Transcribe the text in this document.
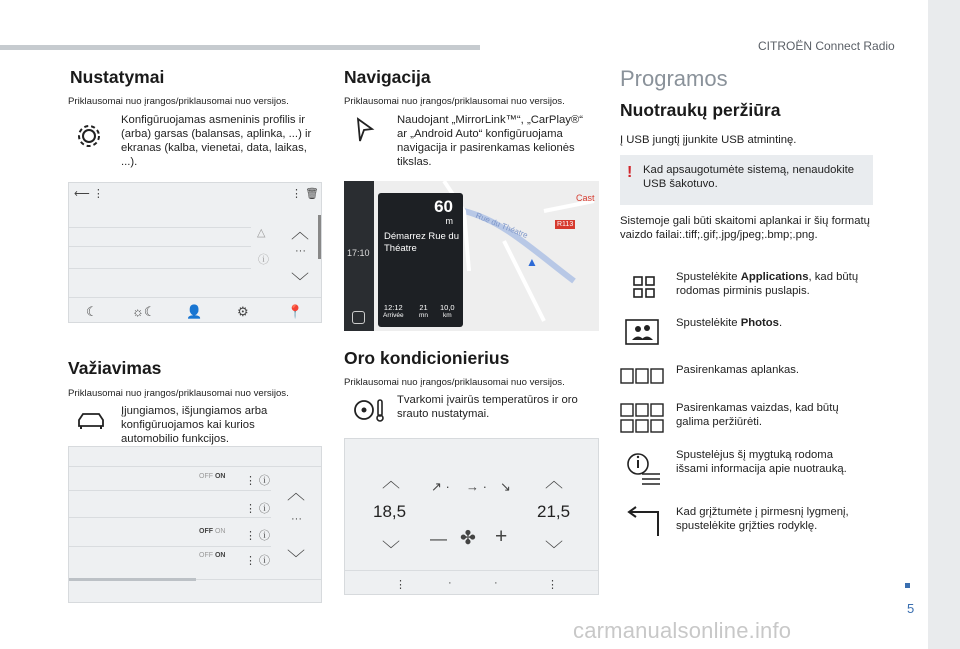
CITROËN Connect Radio
5
carmanualsonline.info
Nustatymai
Priklausomai nuo įrangos/priklausomai nuo versijos.
Konfigūruojamas asmeninis profilis ir (arba) garsas (balansas, aplinka, ...) ir ekranas (kalba, vienetai, data, laikas, ...).
⟵ ⋮	⋮ 🗑
△
ⓘ
︿
···
﹀
☾	☼☾ 👤	⚙	📍
Važiavimas
Priklausomai nuo įrangos/priklausomai nuo versijos.
Įjungiamos, išjungiamos arba konfigūruojamos kai kurios automobilio funkcijos.
OFF ON
OFF ON
OFF ON
⋮ ⓘ
⋮ ⓘ
⋮ ⓘ
⋮ ⓘ
︿
···
﹀
Navigacija
Priklausomai nuo įrangos/priklausomai nuo versijos.
Naudojant „MirrorLink™“, „CarPlay®“ ar „Android Auto“ konfigūruojama navigacija ir pasirenkamas kelionės tikslas.
R113
Cast
Rue du Théatre
▲
17:10
60
m
Démarrez Rue du Théatre
12:12
Arrivée
21
mn
10,0
km
Oro kondicionierius
Priklausomai nuo įrangos/priklausomai nuo versijos.
Tvarkomi įvairūs temperatūros ir oro srauto nustatymai.
︿
18,5
﹀
︿
21,5
﹀
↗ · → · ↘
— ✤ +
⋮	·	·	⋮
Programos
Nuotraukų peržiūra
Į USB jungtį įjunkite USB atmintinę.
! Kad apsaugotumėte sistemą, nenaudokite USB šakotuvo.
Sistemoje gali būti skaitomi aplankai ir šių formatų vaizdo failai:.tiff;.gif;.jpg/jpeg;.bmp;.png.
Spustelėkite Applications, kad būtų rodomas pirminis puslapis.
Spustelėkite Photos.
Pasirenkamas aplankas.
Pasirenkamas vaizdas, kad būtų galima peržiūrėti.
Spustelėjus šį mygtuką rodoma išsami informacija apie nuotrauką.
Kad grįžtumėte į pirmesnį lygmenį, spustelėkite grįžties rodyklę.
